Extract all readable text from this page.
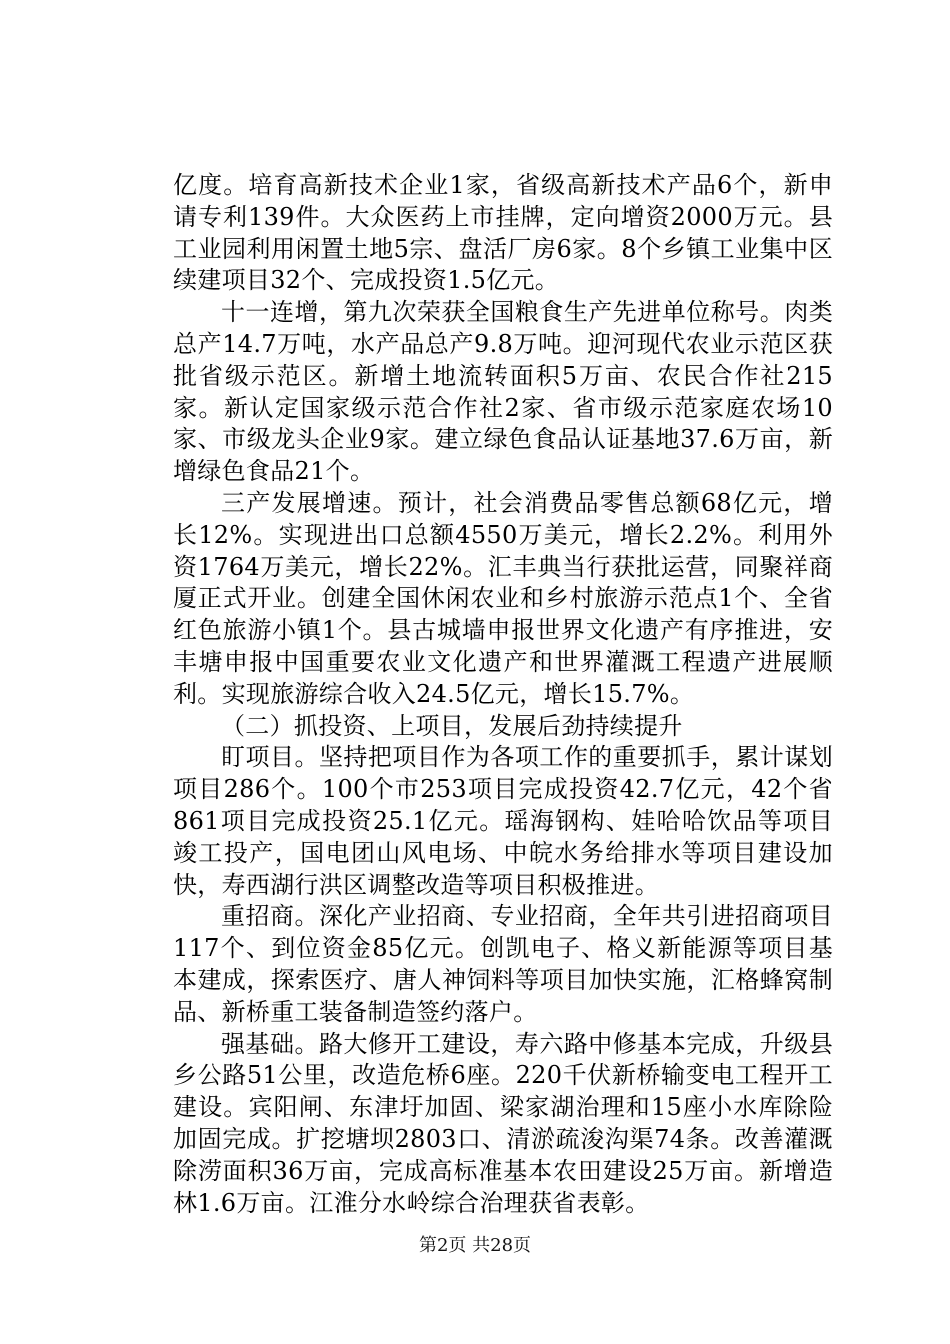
亿度。培育高新技术企业1家，省级高新技术产品6个，新申请专利139件。大众医药上市挂牌，定向增资2000万元。县工业园利用闲置土地5宗、盘活厂房6家。8个乡镇工业集中区续建项目32个、完成投资1.5亿元。

十一连增，第九次荣获全国粮食生产先进单位称号。肉类总产14.7万吨，水产品总产9.8万吨。迎河现代农业示范区获批省级示范区。新增土地流转面积5万亩、农民合作社215家。新认定国家级示范合作社2家、省市级示范家庭农场10家、市级龙头企业9家。建立绿色食品认证基地37.6万亩，新增绿色食品21个。

三产发展增速。预计，社会消费品零售总额68亿元，增长12%。实现进出口总额4550万美元，增长2.2%。利用外资1764万美元，增长22%。汇丰典当行获批运营，同聚祥商厦正式开业。创建全国休闲农业和乡村旅游示范点1个、全省红色旅游小镇1个。县古城墙申报世界文化遗产有序推进，安丰塘申报中国重要农业文化遗产和世界灌溉工程遗产进展顺利。实现旅游综合收入24.5亿元，增长15.7%。

（二）抓投资、上项目，发展后劲持续提升

盯项目。坚持把项目作为各项工作的重要抓手，累计谋划项目286个。100个市253项目完成投资42.7亿元，42个省861项目完成投资25.1亿元。瑶海钢构、娃哈哈饮品等项目竣工投产，国电团山风电场、中皖水务给排水等项目建设加快，寿西湖行洪区调整改造等项目积极推进。

重招商。深化产业招商、专业招商，全年共引进招商项目117个、到位资金85亿元。创凯电子、格义新能源等项目基本建成，探索医疗、唐人神饲料等项目加快实施，汇格蜂窝制品、新桥重工装备制造签约落户。

强基础。路大修开工建设，寿六路中修基本完成，升级县乡公路51公里，改造危桥6座。220千伏新桥输变电工程开工建设。宾阳闸、东津圩加固、梁家湖治理和15座小水库除险加固完成。扩挖塘坝2803口、清淤疏浚沟渠74条。改善灌溉除涝面积36万亩，完成高标准基本农田建设25万亩。新增造林1.6万亩。江淮分水岭综合治理获省表彰。

第2页 共28页
